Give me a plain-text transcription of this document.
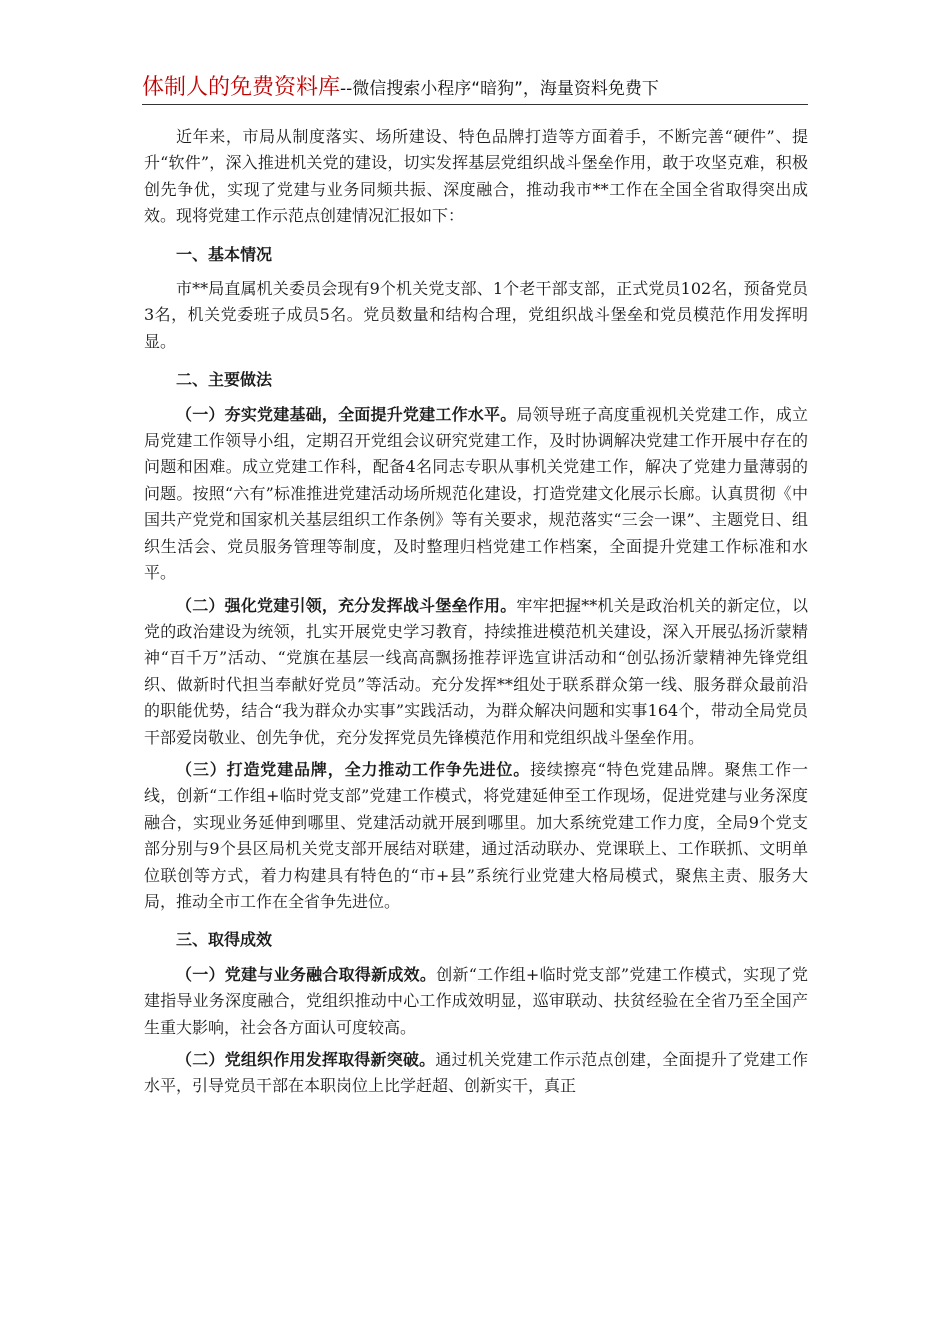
体制人的免费资料库--微信搜索小程序“暗狗”，海量资料免费下

近年来，市局从制度落实、场所建设、特色品牌打造等方面着手，不断完善“硬件”、提升“软件”，深入推进机关党的建设，切实发挥基层党组织战斗堡垒作用，敢于攻坚克难，积极创先争优，实现了党建与业务同频共振、深度融合，推动我市**工作在全国全省取得突出成效。现将党建工作示范点创建情况汇报如下：

一、基本情况

市**局直属机关委员会现有9个机关党支部、1个老干部支部，正式党员102名，预备党员3名，机关党委班子成员5名。党员数量和结构合理，党组织战斗堡垒和党员模范作用发挥明显。

二、主要做法

（一）夯实党建基础，全面提升党建工作水平。局领导班子高度重视机关党建工作，成立局党建工作领导小组，定期召开党组会议研究党建工作，及时协调解决党建工作开展中存在的问题和困难。成立党建工作科，配备4名同志专职从事机关党建工作，解决了党建力量薄弱的问题。按照“六有”标准推进党建活动场所规范化建设，打造党建文化展示长廊。认真贯彻《中国共产党党和国家机关基层组织工作条例》等有关要求，规范落实“三会一课”、主题党日、组织生活会、党员服务管理等制度，及时整理归档党建工作档案，全面提升党建工作标准和水平。

（二）强化党建引领，充分发挥战斗堡垒作用。牢牢把握**机关是政治机关的新定位，以党的政治建设为统领，扎实开展党史学习教育，持续推进模范机关建设，深入开展弘扬沂蒙精神“百千万”活动、“党旗在基层一线高高飘扬推荐评选宣讲活动和“创弘扬沂蒙精神先锋党组织、做新时代担当奉献好党员”等活动。充分发挥**组处于联系群众第一线、服务群众最前沿的职能优势，结合“我为群众办实事”实践活动，为群众解决问题和实事164个，带动全局党员干部爱岗敬业、创先争优，充分发挥党员先锋模范作用和党组织战斗堡垒作用。

（三）打造党建品牌，全力推动工作争先进位。接续擦亮“特色党建品牌。聚焦工作一线，创新“工作组+临时党支部”党建工作模式，将党建延伸至工作现场，促进党建与业务深度融合，实现业务延伸到哪里、党建活动就开展到哪里。加大系统党建工作力度，全局9个党支部分别与9个县区局机关党支部开展结对联建，通过活动联办、党课联上、工作联抓、文明单位联创等方式，着力构建具有特色的“市+县”系统行业党建大格局模式，聚焦主责、服务大局，推动全市工作在全省争先进位。

三、取得成效

（一）党建与业务融合取得新成效。创新“工作组+临时党支部”党建工作模式，实现了党建指导业务深度融合，党组织推动中心工作成效明显，巡审联动、扶贫经验在全省乃至全国产生重大影响，社会各方面认可度较高。

（二）党组织作用发挥取得新突破。通过机关党建工作示范点创建，全面提升了党建工作水平，引导党员干部在本职岗位上比学赶超、创新实干，真正
